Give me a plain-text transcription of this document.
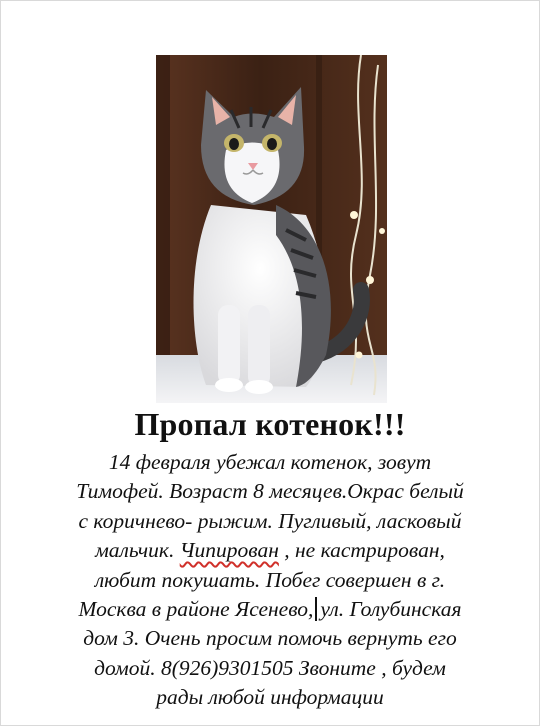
Пропал котенок!!!
14 февраля убежал котенок, зовут
Тимофей. Возраст 8 месяцев.Окрас белый
с коричнево- рыжим. Пугливый, ласковый
мальчик. Чипирован , не кастрирован,
любит покушать. Побег совершен в г.
Москва в районе Ясенево, ул. Голубинская
дом 3. Очень просим помочь вернуть его
домой. 8(926)9301505 Звоните , будем
рады любой информации
